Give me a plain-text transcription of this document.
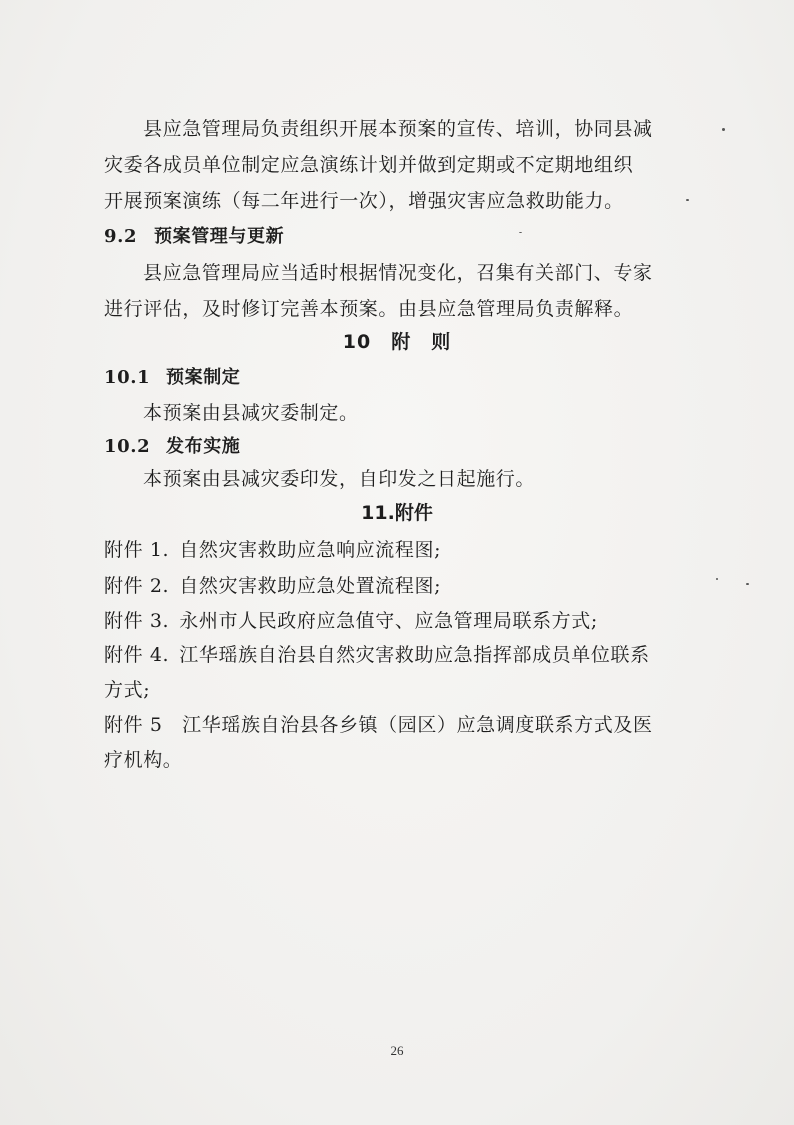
县应急管理局负责组织开展本预案的宣传、培训，协同县减
灾委各成员单位制定应急演练计划并做到定期或不定期地组织
开展预案演练（每二年进行一次），增强灾害应急救助能力。
9.2 预案管理与更新
县应急管理局应当适时根据情况变化，召集有关部门、专家
进行评估，及时修订完善本预案。由县应急管理局负责解释。
10　附　则
10.1 预案制定
本预案由县减灾委制定。
10.2 发布实施
本预案由县减灾委印发，自印发之日起施行。
11.附件
附件 1.  自然灾害救助应急响应流程图;
附件 2.  自然灾害救助应急处置流程图;
附件 3.  永州市人民政府应急值守、应急管理局联系方式;
附件 4.  江华瑶族自治县自然灾害救助应急指挥部成员单位联系
方式;
附件 5  江华瑶族自治县各乡镇（园区）应急调度联系方式及医
疗机构。
26
